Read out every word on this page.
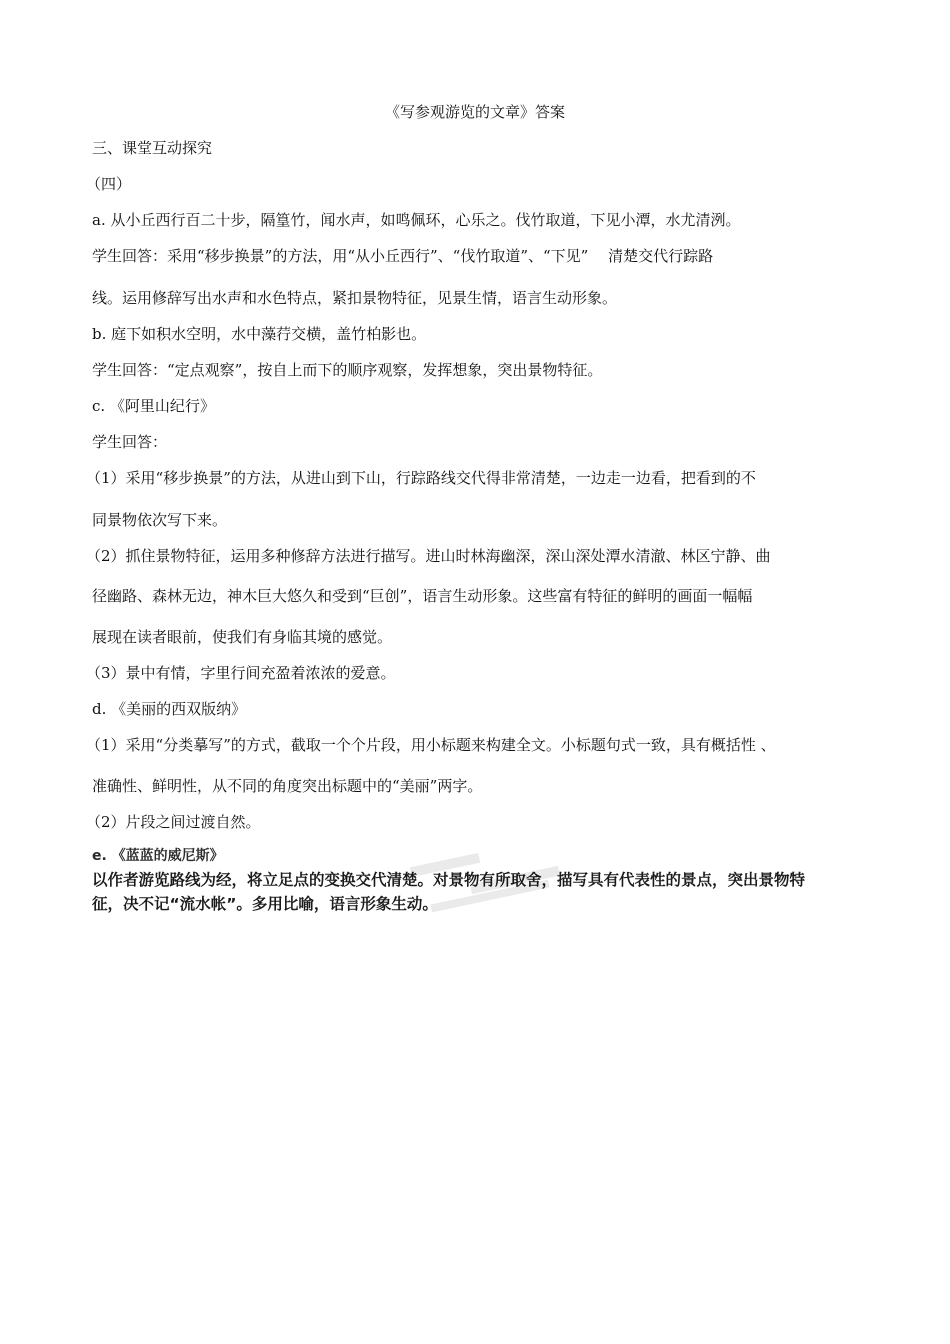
《写参观游览的文章》答案
三、课堂互动探究
（四）
a. 从小丘西行百二十步，隔篁竹，闻水声，如鸣佩环，心乐之。伐竹取道，下见小潭，水尤清洌。
学生回答：采用“移步换景”的方法，用“从小丘西行”、“伐竹取道”、“下见”　 清楚交代行踪路
线。运用修辞写出水声和水色特点，紧扣景物特征，见景生情，语言生动形象。
b. 庭下如积水空明，水中藻荇交横，盖竹柏影也。
学生回答：“定点观察”，按自上而下的顺序观察，发挥想象，突出景物特征。
c. 《阿里山纪行》
学生回答：
（1）采用“移步换景”的方法，从进山到下山，行踪路线交代得非常清楚，一边走一边看，把看到的不
同景物依次写下来。
（2）抓住景物特征，运用多种修辞方法进行描写。进山时林海幽深，深山深处潭水清澈、林区宁静、曲
径幽路、森林无边，神木巨大悠久和受到“巨创”，语言生动形象。这些富有特征的鲜明的画面一幅幅
展现在读者眼前，使我们有身临其境的感觉。
（3）景中有情，字里行间充盈着浓浓的爱意。
d. 《美丽的西双版纳》
（1）采用“分类摹写”的方式，截取一个个片段，用小标题来构建全文。小标题句式一致，具有概括性 、
准确性、鲜明性，从不同的角度突出标题中的“美丽”两字。
（2）片段之间过渡自然。
e. 《蓝蓝的威尼斯》
以作者游览路线为经，将立足点的变换交代清楚。对景物有所取舍，描写具有代表性的景点，突出景物特
征，决不记“流水帐”。多用比喻，语言形象生动。
